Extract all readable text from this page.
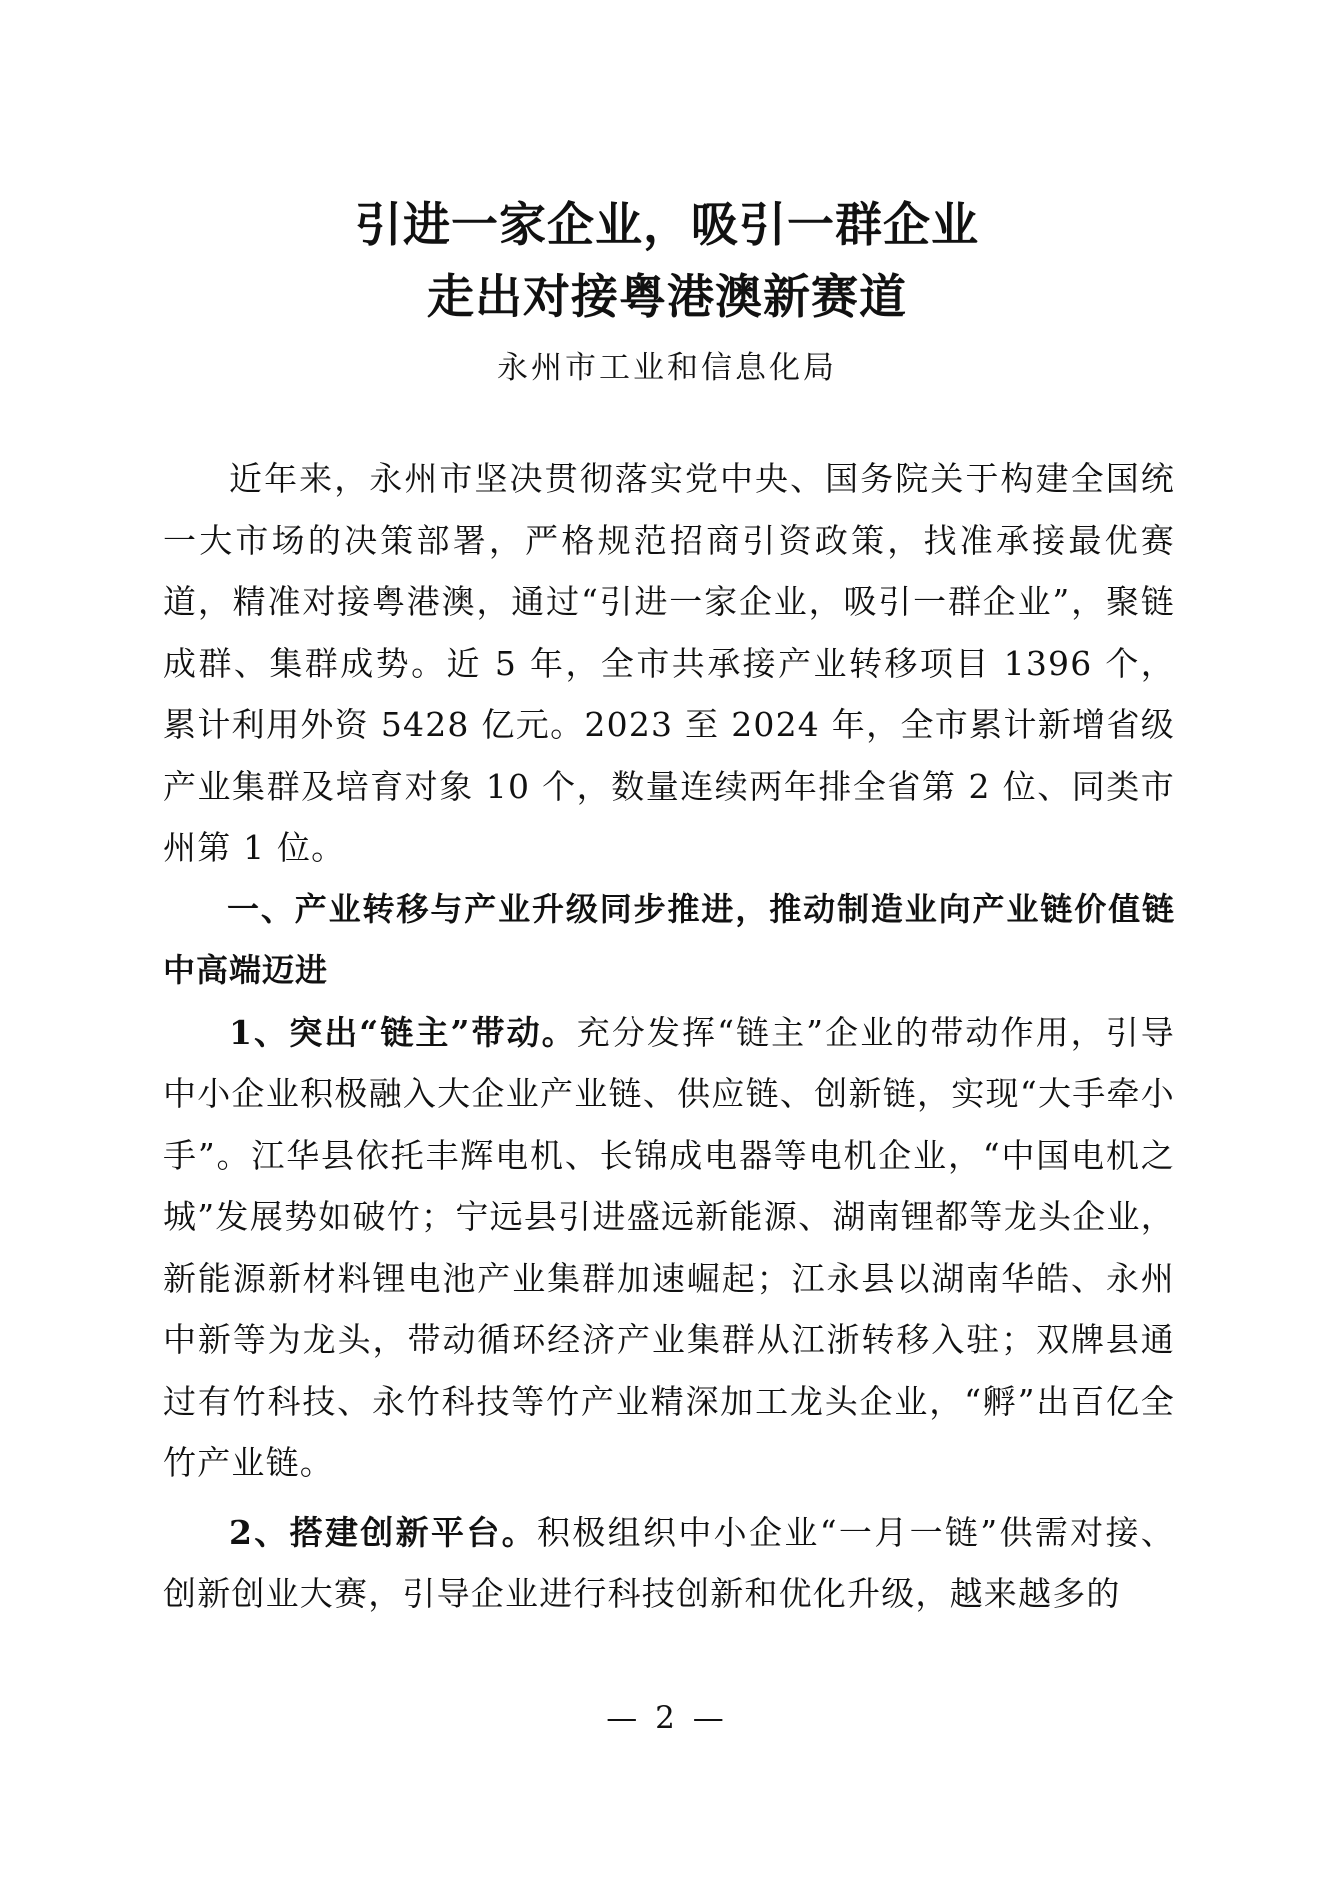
引进一家企业，吸引一群企业
走出对接粤港澳新赛道
永州市工业和信息化局

近年来，永州市坚决贯彻落实党中央、国务院关于构建全国统一大市场的决策部署，严格规范招商引资政策，找准承接最优赛道，精准对接粤港澳，通过“引进一家企业，吸引一群企业”，聚链成群、集群成势。近 5 年，全市共承接产业转移项目 1396 个，累计利用外资 5428 亿元。2023 至 2024 年，全市累计新增省级产业集群及培育对象 10 个，数量连续两年排全省第 2 位、同类市州第 1 位。

一、产业转移与产业升级同步推进，推动制造业向产业链价值链中高端迈进

1、突出“链主”带动。充分发挥“链主”企业的带动作用，引导中小企业积极融入大企业产业链、供应链、创新链，实现“大手牵小手”。江华县依托丰辉电机、长锦成电器等电机企业，“中国电机之城”发展势如破竹；宁远县引进盛远新能源、湖南锂都等龙头企业，新能源新材料锂电池产业集群加速崛起；江永县以湖南华皓、永州中新等为龙头，带动循环经济产业集群从江浙转移入驻；双牌县通过有竹科技、永竹科技等竹产业精深加工龙头企业，“孵”出百亿全竹产业链。

2、搭建创新平台。积极组织中小企业“一月一链”供需对接、创新创业大赛，引导企业进行科技创新和优化升级，越来越多的

— 2 —
